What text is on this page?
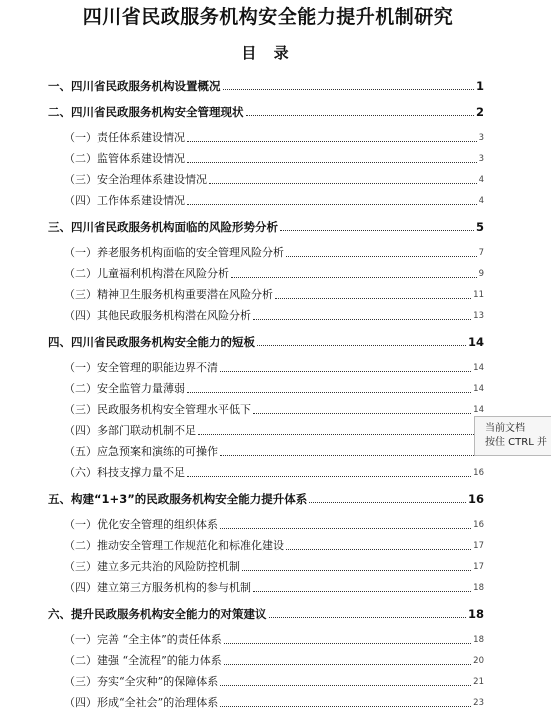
四川省民政服务机构安全能力提升机制研究
目 录
一、四川省民政服务机构设置概况	1
二、四川省民政服务机构安全管理现状	2
（一）责任体系建设情况	3
（二）监管体系建设情况	3
（三）安全治理体系建设情况	4
（四）工作体系建设情况	4
三、四川省民政服务机构面临的风险形势分析	5
（一）养老服务机构面临的安全管理风险分析	7
（二）儿童福利机构潜在风险分析	9
（三）精神卫生服务机构重要潜在风险分析	11
（四）其他民政服务机构潜在风险分析	13
四、四川省民政服务机构安全能力的短板	14
（一）安全管理的职能边界不清	14
（二）安全监管力量薄弱	14
（三）民政服务机构安全管理水平低下	14
（四）多部门联动机制不足
（五）应急预案和演练的可操作
（六）科技支撑力量不足	16
五、构建“1+3”的民政服务机构安全能力提升体系	16
（一）优化安全管理的组织体系	16
（二）推动安全管理工作规范化和标准化建设	17
（三）建立多元共治的风险防控机制	17
（四）建立第三方服务机构的参与机制	18
六、提升民政服务机构安全能力的对策建议	18
（一）完善 “全主体”的责任体系	18
（二）建强 “全流程”的能力体系	20
（三）夯实“全灾种”的保障体系	21
（四）形成“全社会”的治理体系	23
当前文档
按住 CTRL 并
